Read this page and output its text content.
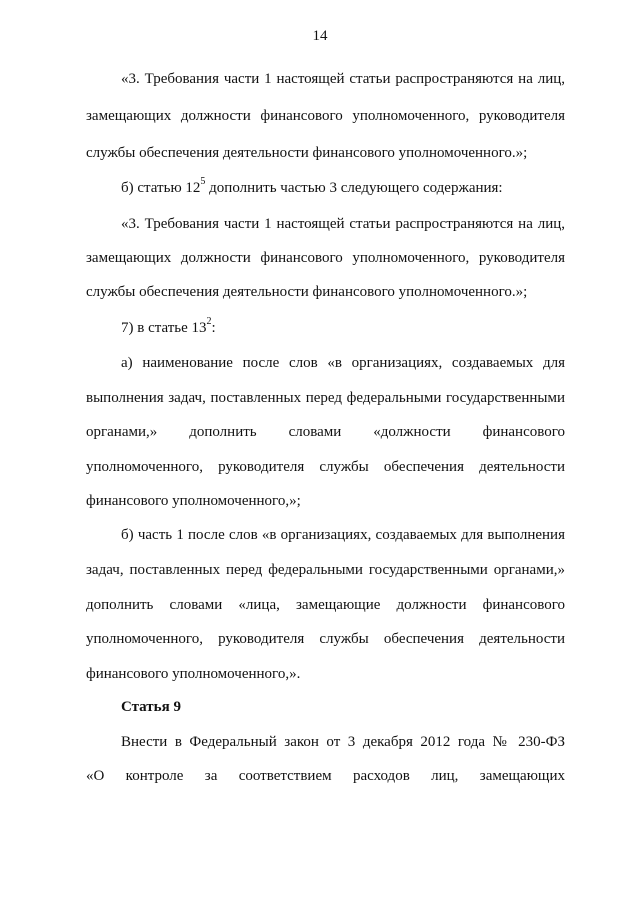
14
«3. Требования части 1 настоящей статьи распространяются на лиц,
замещающих должности финансового уполномоченного, руководителя
службы обеспечения деятельности финансового уполномоченного.»;
б) статью $12^5$ дополнить частью 3 следующего содержания:
«3. Требования части 1 настоящей статьи распространяются на лиц,
замещающих должности финансового уполномоченного, руководителя
службы обеспечения деятельности финансового уполномоченного.»;
7) в статье $13^2$:
а) наименование после слов «в организациях, создаваемых для
выполнения задач, поставленных перед федеральными государственными
органами,» дополнить словами «должности финансового
уполномоченного, руководителя службы обеспечения деятельности
финансового уполномоченного,»;
б) часть 1 после слов «в организациях, создаваемых для выполнения
задач, поставленных перед федеральными государственными органами,»
дополнить словами «лица, замещающие должности финансового
уполномоченного, руководителя службы обеспечения деятельности
финансового уполномоченного,».
Статья 9
Внести в Федеральный закон от 3 декабря 2012 года № 230-ФЗ
«О контроле за соответствием расходов лиц, замещающих
